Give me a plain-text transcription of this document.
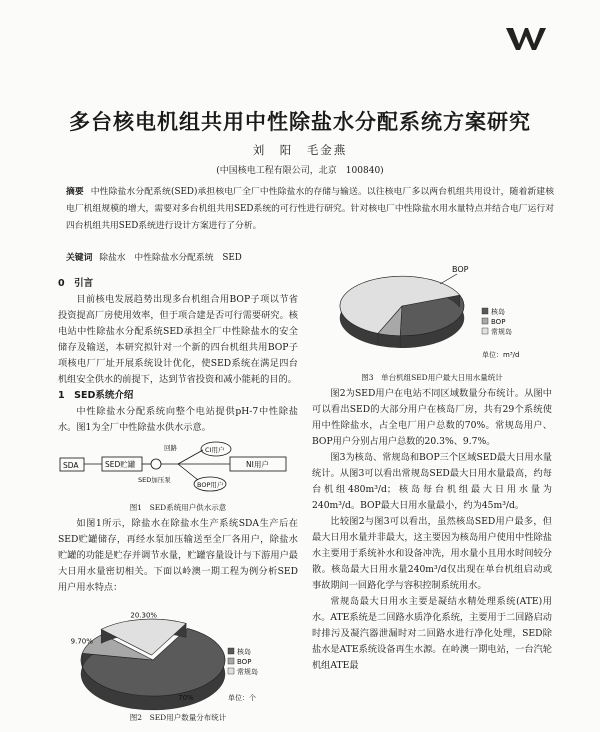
多台核电机组共用中性除盐水分配系统方案研究
刘　阳　毛金燕
(中国核电工程有限公司，北京　100840)
摘要 中性除盐水分配系统(SED)承担核电厂全厂中性除盐水的存储与输送。以往核电厂多以两台机组共用设计，随着新建核电厂机组规模的增大，需要对多台机组共用SED系统的可行性进行研究。针对核电厂中性除盐水用水量特点并结合电厂运行对四台机组共用SED系统进行设计方案进行了分析。
关键词 除盐水　中性除盐水分配系统　SED

0　引言

目前核电发展趋势出现多台机组合用BOP子项以节省投资提高厂房使用效率，但于项合建是否可行需要研究。核电站中性除盐水分配系统SED承担全厂中性除盐水的安全储存及输送，本研究拟针对一个新的四台机组共用BOP子项核电厂厂址开展系统设计优化，使SED系统在满足四台机组安全供水的前提下，达到节省投资和减小能耗的目的。

1　SED系统介绍

中性除盐水分配系统向整个电站提供pH-7中性除盐水。图1为全厂中性除盐水供水示意。

SDA	SED贮罐
SED加压泵
回路	CI用户
BOP用户
NI用户
图1　SED系统用户供水示意

如图1所示，除盐水在除盐水生产系统SDA生产后在SED贮罐储存，再经水泵加压输送至全厂各用户，除盐水贮罐的功能是贮存并调节水量，贮罐容量设计与下游用户最大日用水量密切相关。下面以岭澳一期工程为例分析SED用户用水特点：

70%
9.70%
20.30%
核岛
BOP
常规岛
单位：个
图2　SED用户数量分布统计
核岛
BOP
常规岛
BOP
单位：m³/d
图3　单台机组SED用户最大日用水量统计

图2为SED用户在电站不同区域数量分布统计。从图中可以看出SED的大部分用户在核岛厂房，共有29个系统使用中性除盐水，占全电厂用户总数的70%。常规岛用户、BOP用户分别占用户总数的20.3%、9.7%。

图3为核岛、常规岛和BOP三个区域SED最大日用水量统计。从图3可以看出常规岛SED最大日用水量最高，约每台机组480m³/d；核岛每台机组最大日用水量为240m³/d。BOP最大日用水量最小，约为45m³/d。

比较图2与图3可以看出，虽然核岛SED用户最多，但最大日用水量并非最大，这主要因为核岛用户使用中性除盐水主要用于系统补水和设备冲洗，用水量小且用水时间较分散。核岛最大日用水量240m³/d仅出现在单台机组启动或事故期间一回路化学与容积控制系统用水。

常规岛最大日用水主要是凝结水精处理系统(ATE)用水。ATE系统是二回路水质净化系统，主要用于二回路启动时排污及凝汽器泄漏时对二回路水进行净化处理，SED除盐水是ATE系统设备再生水源。在岭澳一期电站，一台汽轮机组ATE最
